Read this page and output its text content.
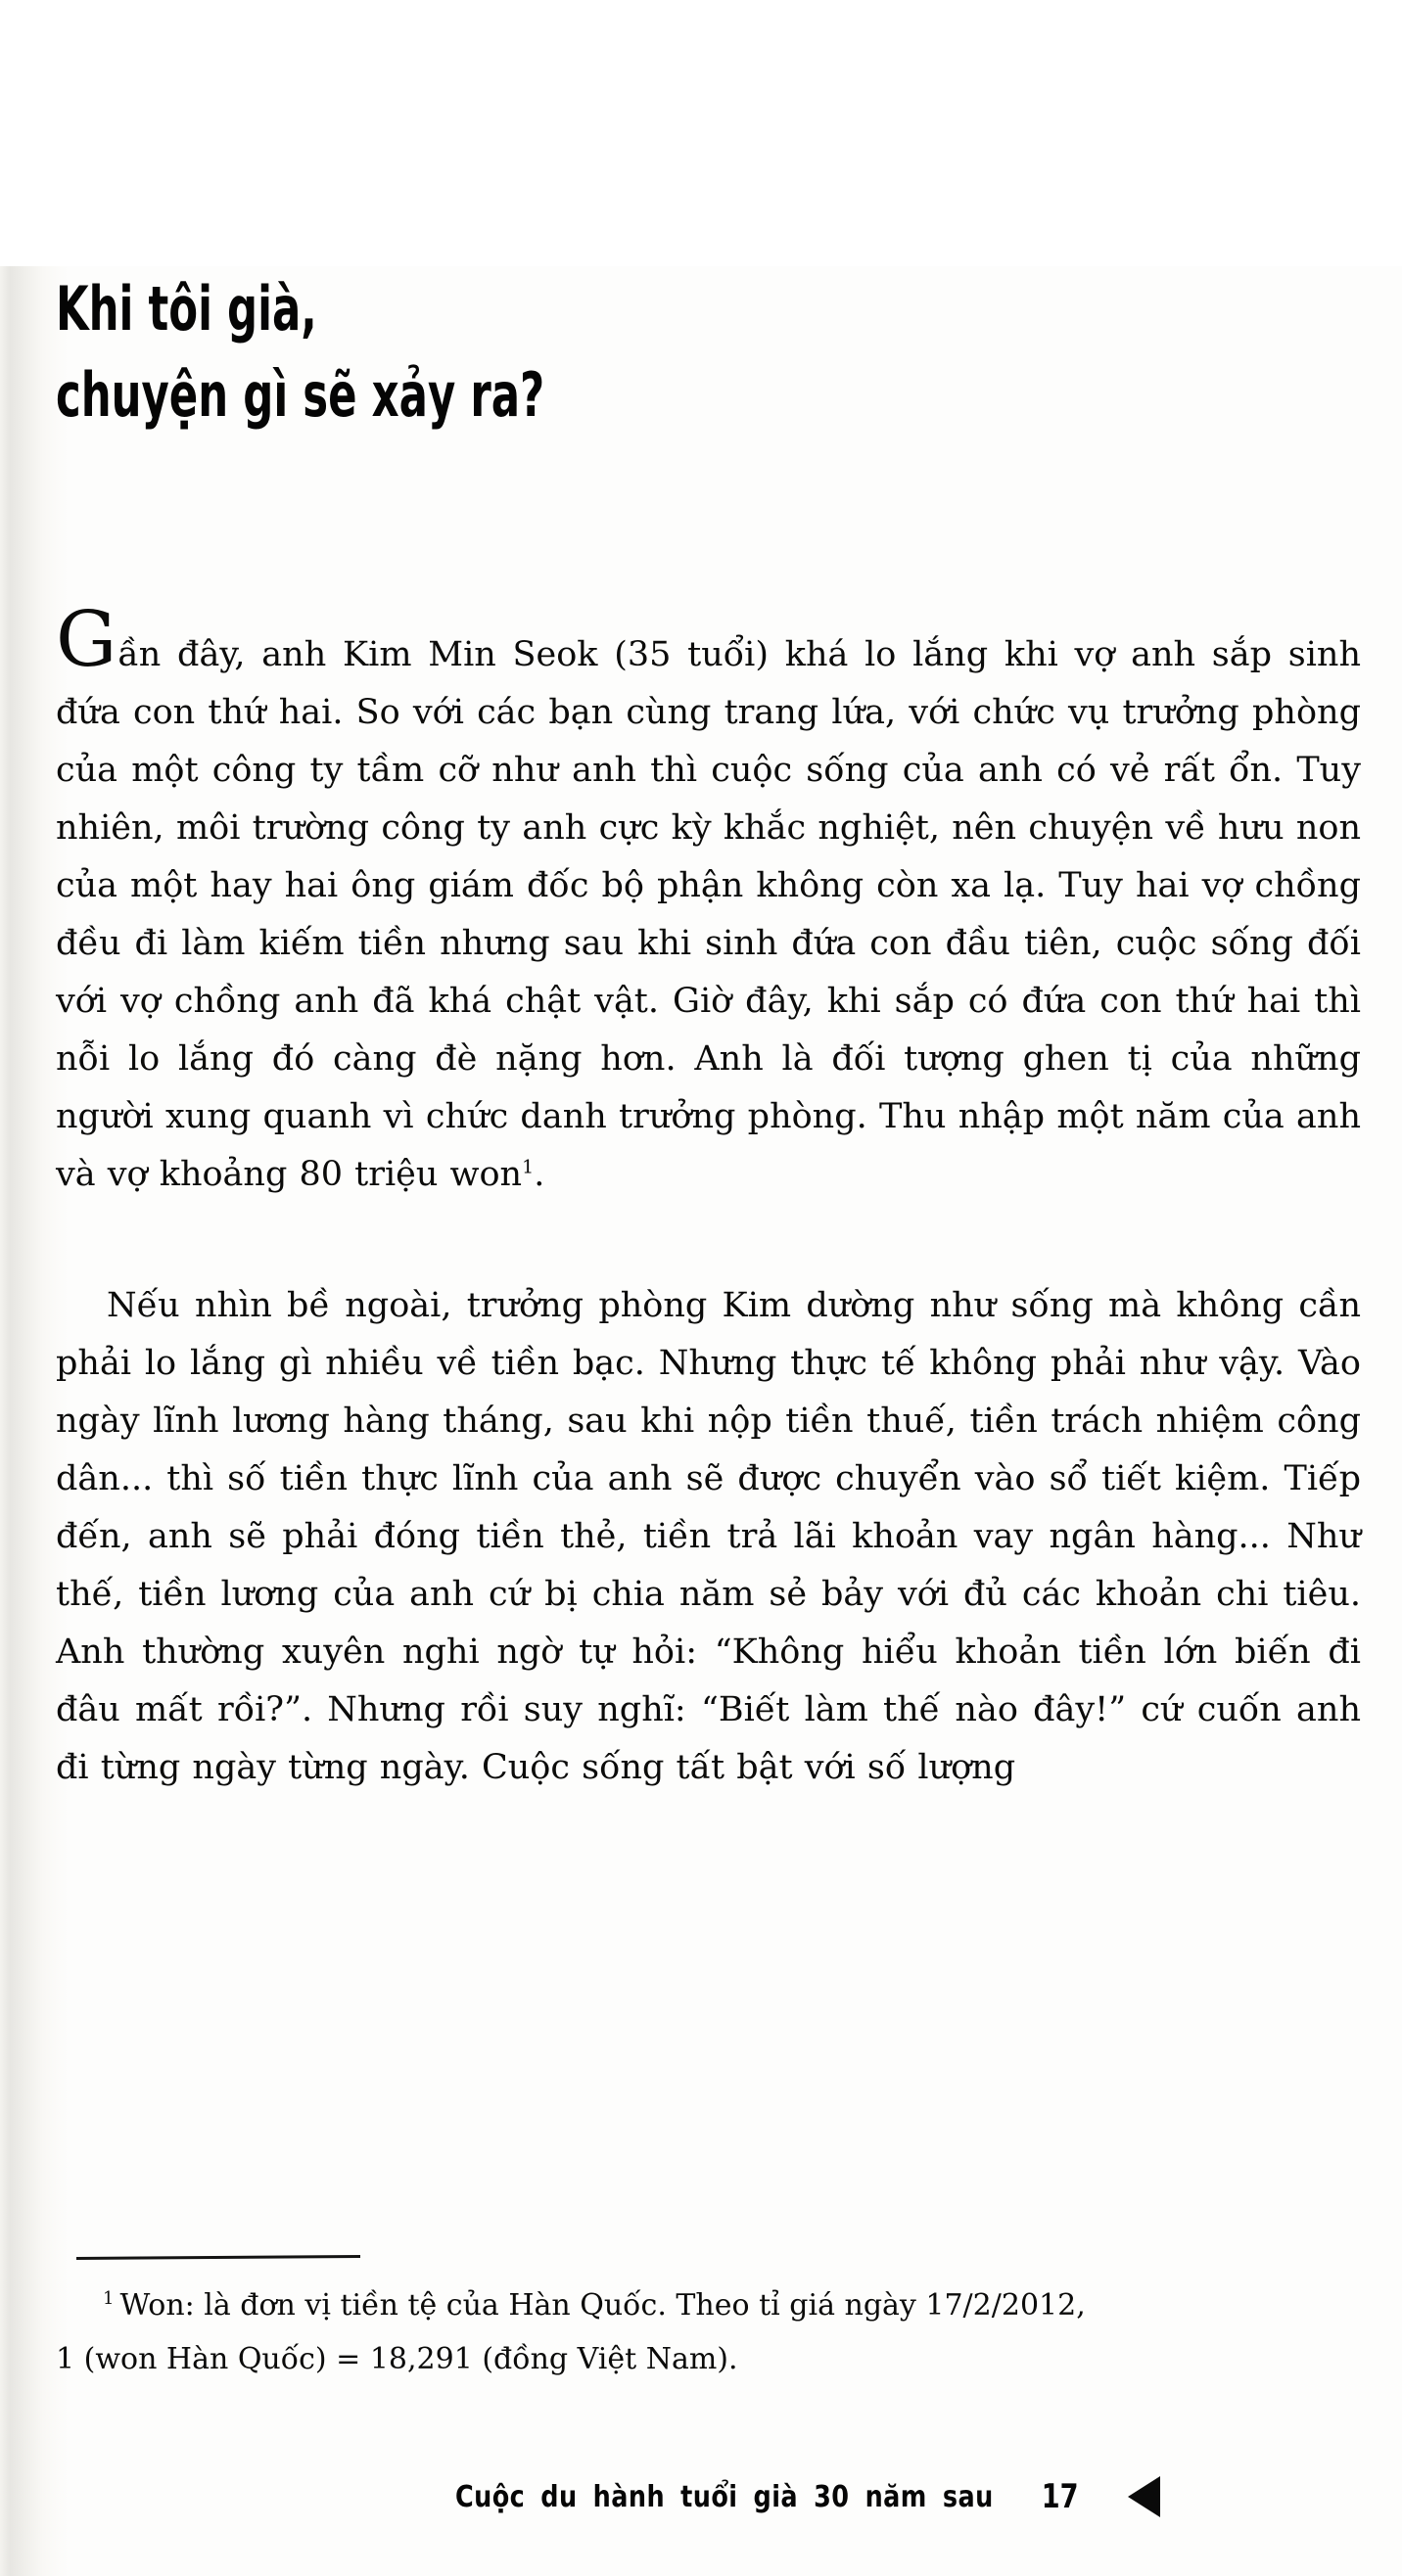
Khi tôi già,
chuyện gì sẽ xảy ra?

Gần đây, anh Kim Min Seok (35 tuổi) khá lo lắng khi vợ anh sắp sinh đứa con thứ hai. So với các bạn cùng trang lứa, với chức vụ trưởng phòng của một công ty tầm cỡ như anh thì cuộc sống của anh có vẻ rất ổn. Tuy nhiên, môi trường công ty anh cực kỳ khắc nghiệt, nên chuyện về hưu non của một hay hai ông giám đốc bộ phận không còn xa lạ. Tuy hai vợ chồng đều đi làm kiếm tiền nhưng sau khi sinh đứa con đầu tiên, cuộc sống đối với vợ chồng anh đã khá chật vật. Giờ đây, khi sắp có đứa con thứ hai thì nỗi lo lắng đó càng đè nặng hơn. Anh là đối tượng ghen tị của những người xung quanh vì chức danh trưởng phòng. Thu nhập một năm của anh và vợ khoảng 80 triệu won$^1$.

Nếu nhìn bề ngoài, trưởng phòng Kim dường như sống mà không cần phải lo lắng gì nhiều về tiền bạc. Nhưng thực tế không phải như vậy. Vào ngày lĩnh lương hàng tháng, sau khi nộp tiền thuế, tiền trách nhiệm công dân... thì số tiền thực lĩnh của anh sẽ được chuyển vào sổ tiết kiệm. Tiếp đến, anh sẽ phải đóng tiền thẻ, tiền trả lãi khoản vay ngân hàng... Như thế, tiền lương của anh cứ bị chia năm sẻ bảy với đủ các khoản chi tiêu. Anh thường xuyên nghi ngờ tự hỏi: “Không hiểu khoản tiền lớn biến đi đâu mất rồi?”. Nhưng rồi suy nghĩ: “Biết làm thế nào đây!” cứ cuốn anh đi từng ngày từng ngày. Cuộc sống tất bật với số lượng

$^1$ Won: là đơn vị tiền tệ của Hàn Quốc. Theo tỉ giá ngày 17/2/2012,
1 (won Hàn Quốc) = 18,291 (đồng Việt Nam).
Cuộc du hành tuổi già 30 năm sau 17
